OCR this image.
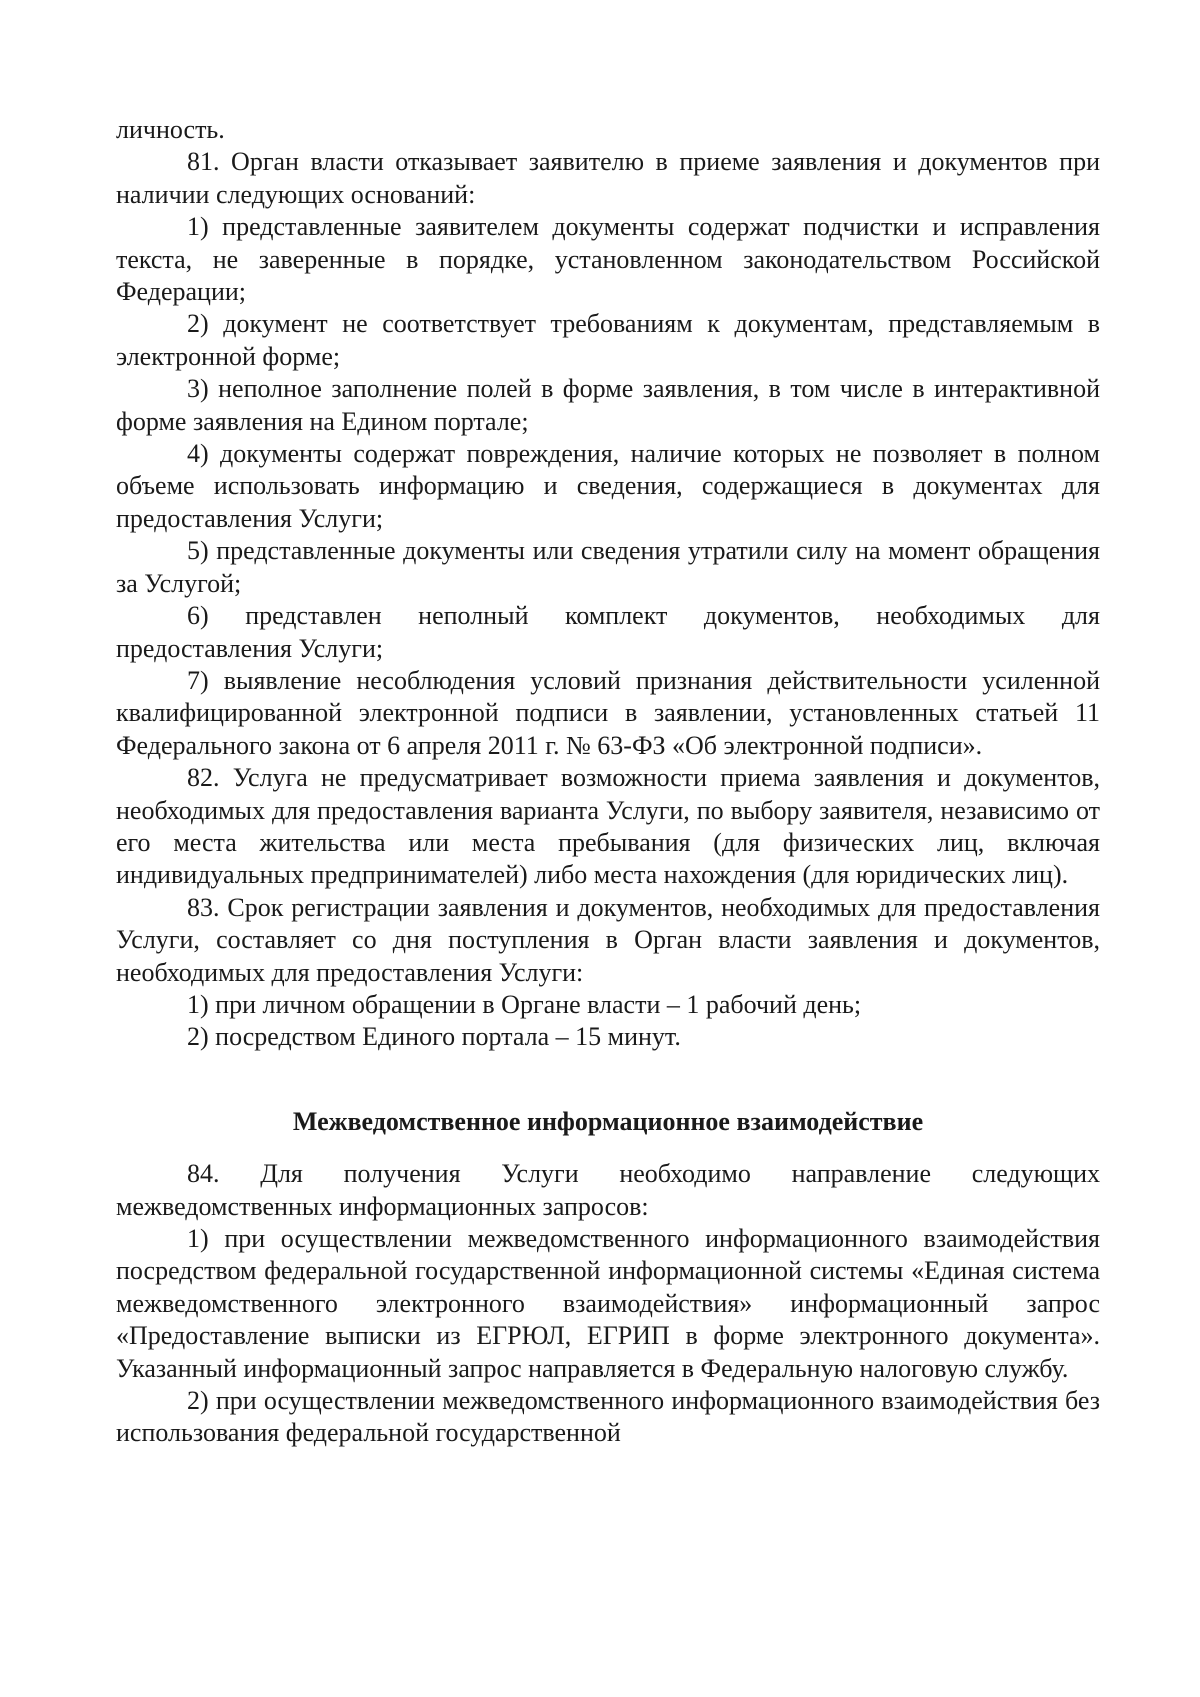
личность.

81. Орган власти отказывает заявителю в приеме заявления и документов при наличии следующих оснований:

1) представленные заявителем документы содержат подчистки и исправления текста, не заверенные в порядке, установленном законодательством Российской Федерации;

2) документ не соответствует требованиям к документам, представляемым в электронной форме;

3) неполное заполнение полей в форме заявления, в том числе в интерактивной форме заявления на Едином портале;

4) документы содержат повреждения, наличие которых не позволяет в полном объеме использовать информацию и сведения, содержащиеся в документах для предоставления Услуги;

5) представленные документы или сведения утратили силу на момент обращения за Услугой;

6) представлен неполный комплект документов, необходимых для предоставления Услуги;

7) выявление несоблюдения условий признания действительности усиленной квалифицированной электронной подписи в заявлении, установленных статьей 11 Федерального закона от 6 апреля 2011 г. № 63-ФЗ «Об электронной подписи».

82. Услуга не предусматривает возможности приема заявления и документов, необходимых для предоставления варианта Услуги, по выбору заявителя, независимо от его места жительства или места пребывания (для физических лиц, включая индивидуальных предпринимателей) либо места нахождения (для юридических лиц).

83. Срок регистрации заявления и документов, необходимых для предоставления Услуги, составляет со дня поступления в Орган власти заявления и документов, необходимых для предоставления Услуги:

1) при личном обращении в Органе власти – 1 рабочий день;

2) посредством Единого портала – 15 минут.

Межведомственное информационное взаимодействие

84. Для получения Услуги необходимо направление следующих межведомственных информационных запросов:

1) при осуществлении межведомственного информационного взаимодействия посредством федеральной государственной информационной системы «Единая система межведомственного электронного взаимодействия» информационный запрос «Предоставление выписки из ЕГРЮЛ, ЕГРИП в форме электронного документа». Указанный информационный запрос направляется в Федеральную налоговую службу.

2) при осуществлении межведомственного информационного взаимодействия без использования федеральной государственной
